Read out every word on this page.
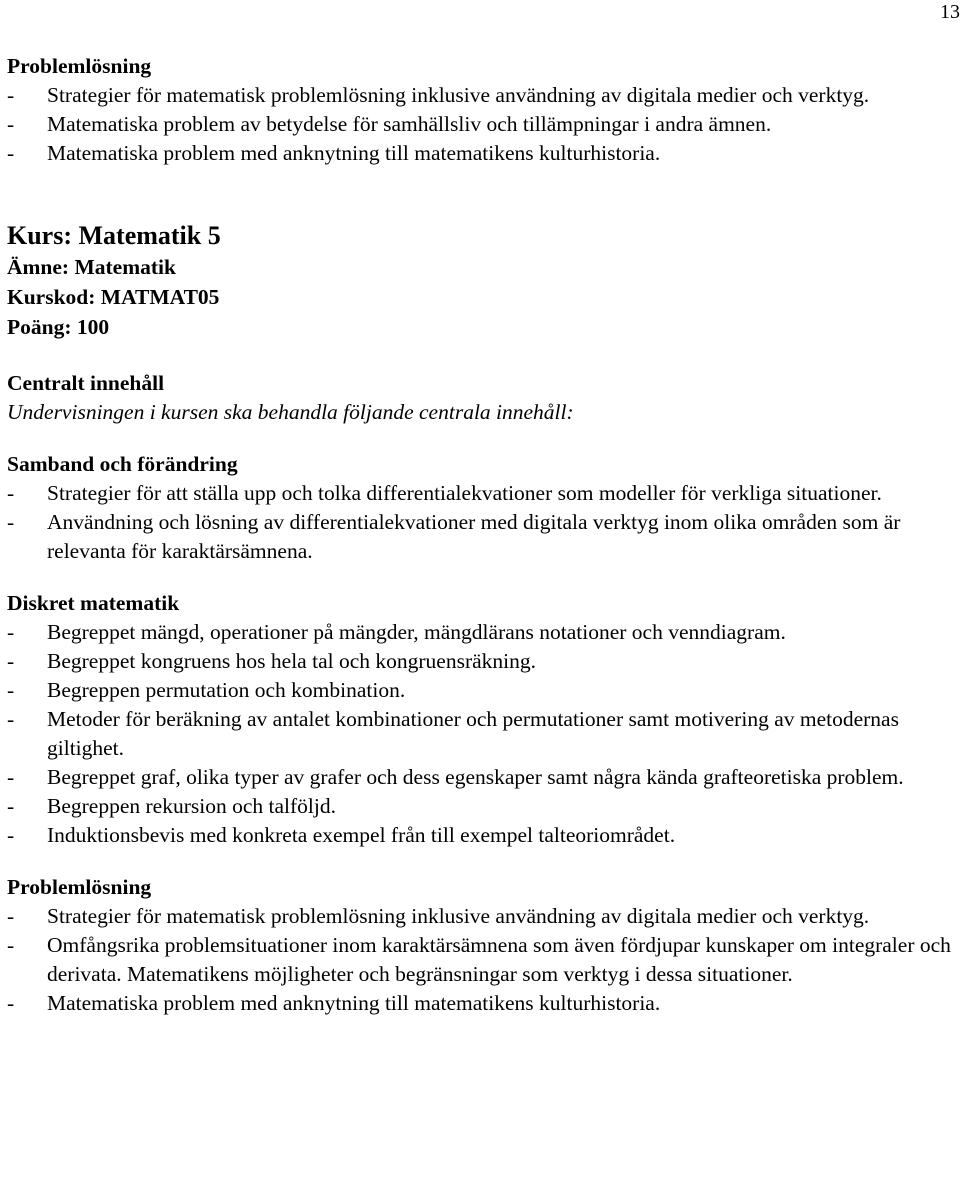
13

Problemlösning

- Strategier för matematisk problemlösning inklusive användning av digitala medier och verktyg.
- Matematiska problem av betydelse för samhällsliv och tillämpningar i andra ämnen.
- Matematiska problem med anknytning till matematikens kulturhistoria.

Kurs: Matematik 5

Ämne: Matematik

Kurskod: MATMAT05

Poäng: 100

Centralt innehåll

Undervisningen i kursen ska behandla följande centrala innehåll:

Samband och förändring

- Strategier för att ställa upp och tolka differentialekvationer som modeller för verkliga situationer.
- Användning och lösning av differentialekvationer med digitala verktyg inom olika områden som är relevanta för karaktärsämnena.

Diskret matematik

- Begreppet mängd, operationer på mängder, mängdlärans notationer och venndiagram.
- Begreppet kongruens hos hela tal och kongruensräkning.
- Begreppen permutation och kombination.
- Metoder för beräkning av antalet kombinationer och permutationer samt motivering av metodernas giltighet.
- Begreppet graf, olika typer av grafer och dess egenskaper samt några kända grafteoretiska problem.
- Begreppen rekursion och talföljd.
- Induktionsbevis med konkreta exempel från till exempel talteoriområdet.

Problemlösning

- Strategier för matematisk problemlösning inklusive användning av digitala medier och verktyg.
- Omfångsrika problemsituationer inom karaktärsämnena som även fördjupar kunskaper om integraler och derivata. Matematikens möjligheter och begränsningar som verktyg i dessa situationer.
- Matematiska problem med anknytning till matematikens kulturhistoria.
